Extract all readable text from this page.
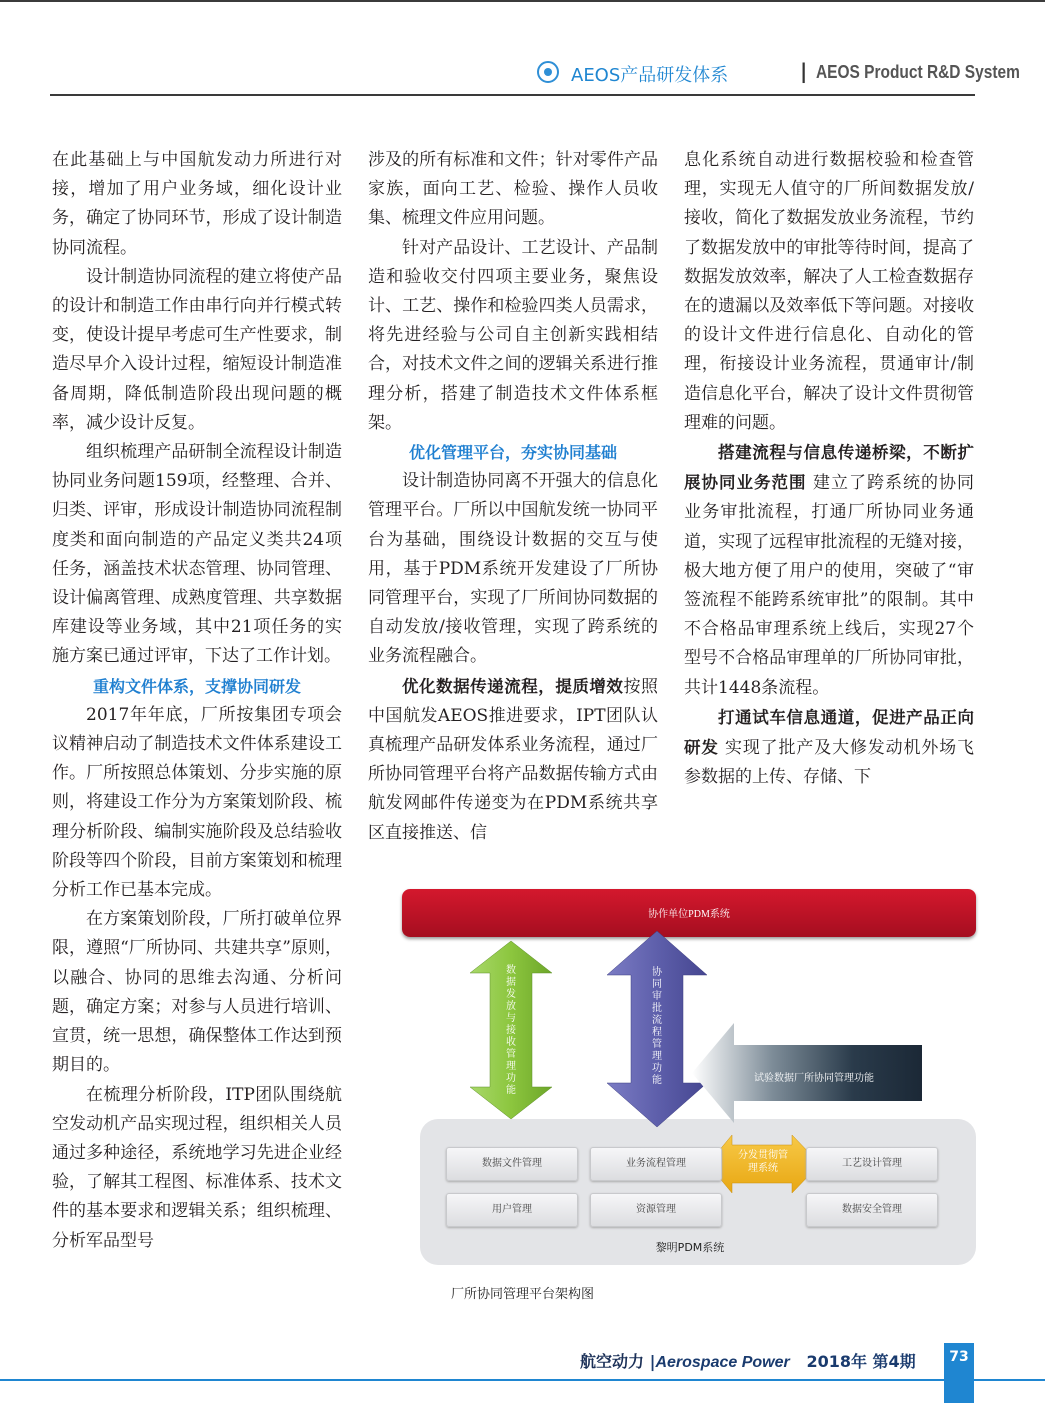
AEOS产品研发体系	| AEOS Product R&D System

在此基础上与中国航发动力所进行对接，增加了用户业务域，细化设计业务，确定了协同环节，形成了设计制造协同流程。

设计制造协同流程的建立将使产品的设计和制造工作由串行向并行模式转变，使设计提早考虑可生产性要求，制造尽早介入设计过程，缩短设计制造准备周期，降低制造阶段出现问题的概率，减少设计反复。

组织梳理产品研制全流程设计制造协同业务问题159项，经整理、合并、归类、评审，形成设计制造协同流程制度类和面向制造的产品定义类共24项任务，涵盖技术状态管理、协同管理、设计偏离管理、成熟度管理、共享数据库建设等业务域，其中21项任务的实施方案已通过评审，下达了工作计划。

重构文件体系，支撑协同研发

2017年年底，厂所按集团专项会议精神启动了制造技术文件体系建设工作。厂所按照总体策划、分步实施的原则，将建设工作分为方案策划阶段、梳理分析阶段、编制实施阶段及总结验收阶段等四个阶段，目前方案策划和梳理分析工作已基本完成。

在方案策划阶段，厂所打破单位界限，遵照“厂所协同、共建共享”原则，以融合、协同的思维去沟通、分析问题，确定方案；对参与人员进行培训、宣贯，统一思想，确保整体工作达到预期目的。

在梳理分析阶段，ITP团队围绕航空发动机产品实现过程，组织相关人员通过多种途径，系统地学习先进企业经验，了解其工程图、标准体系、技术文件的基本要求和逻辑关系；组织梳理、分析军品型号

涉及的所有标准和文件；针对零件产品家族，面向工艺、检验、操作人员收集、梳理文件应用问题。

针对产品设计、工艺设计、产品制造和验收交付四项主要业务，聚焦设计、工艺、操作和检验四类人员需求，将先进经验与公司自主创新实践相结合，对技术文件之间的逻辑关系进行推理分析，搭建了制造技术文件体系框架。

优化管理平台，夯实协同基础

设计制造协同离不开强大的信息化管理平台。厂所以中国航发统一协同平台为基础，围绕设计数据的交互与使用，基于PDM系统开发建设了厂所协同管理平台，实现了厂所间协同数据的自动发放/接收管理，实现了跨系统的业务流程融合。

优化数据传递流程，提质增效按照中国航发AEOS推进要求，IPT团队认真梳理产品研发体系业务流程，通过厂所协同管理平台将产品数据传输方式由航发网邮件传递变为在PDM系统共享区直接推送、信

息化系统自动进行数据校验和检查管理，实现无人值守的厂所间数据发放/接收，简化了数据发放业务流程，节约了数据发放中的审批等待时间，提高了数据发放效率，解决了人工检查数据存在的遗漏以及效率低下等问题。对接收的设计文件进行信息化、自动化的管理，衔接设计业务流程，贯通审计/制造信息化平台，解决了设计文件贯彻管理难的问题。

搭建流程与信息传递桥梁，不断扩展协同业务范围 建立了跨系统的协同业务审批流程，打通厂所协同业务通道，实现了远程审批流程的无缝对接，极大地方便了用户的使用，突破了“审签流程不能跨系统审批”的限制。其中不合格品审理系统上线后，实现27个型号不合格品审理单的厂所协同审批，共计1448条流程。

打通试车信息通道，促进产品正向研发 实现了批产及大修发动机外场飞参数据的上传、存储、下

协作单位PDM系统
数据发放与接收管理功能
协同审批流程管理功能	试验数据厂所协同管理功能
数据文件管理	业务流程管理	工艺设计管理
用户管理	资源管理	数据安全管理
分发贯彻管理系统
黎明PDM系统
厂所协同管理平台架构图
航空动力 |Aerospace Power 2018年 第4期	73
